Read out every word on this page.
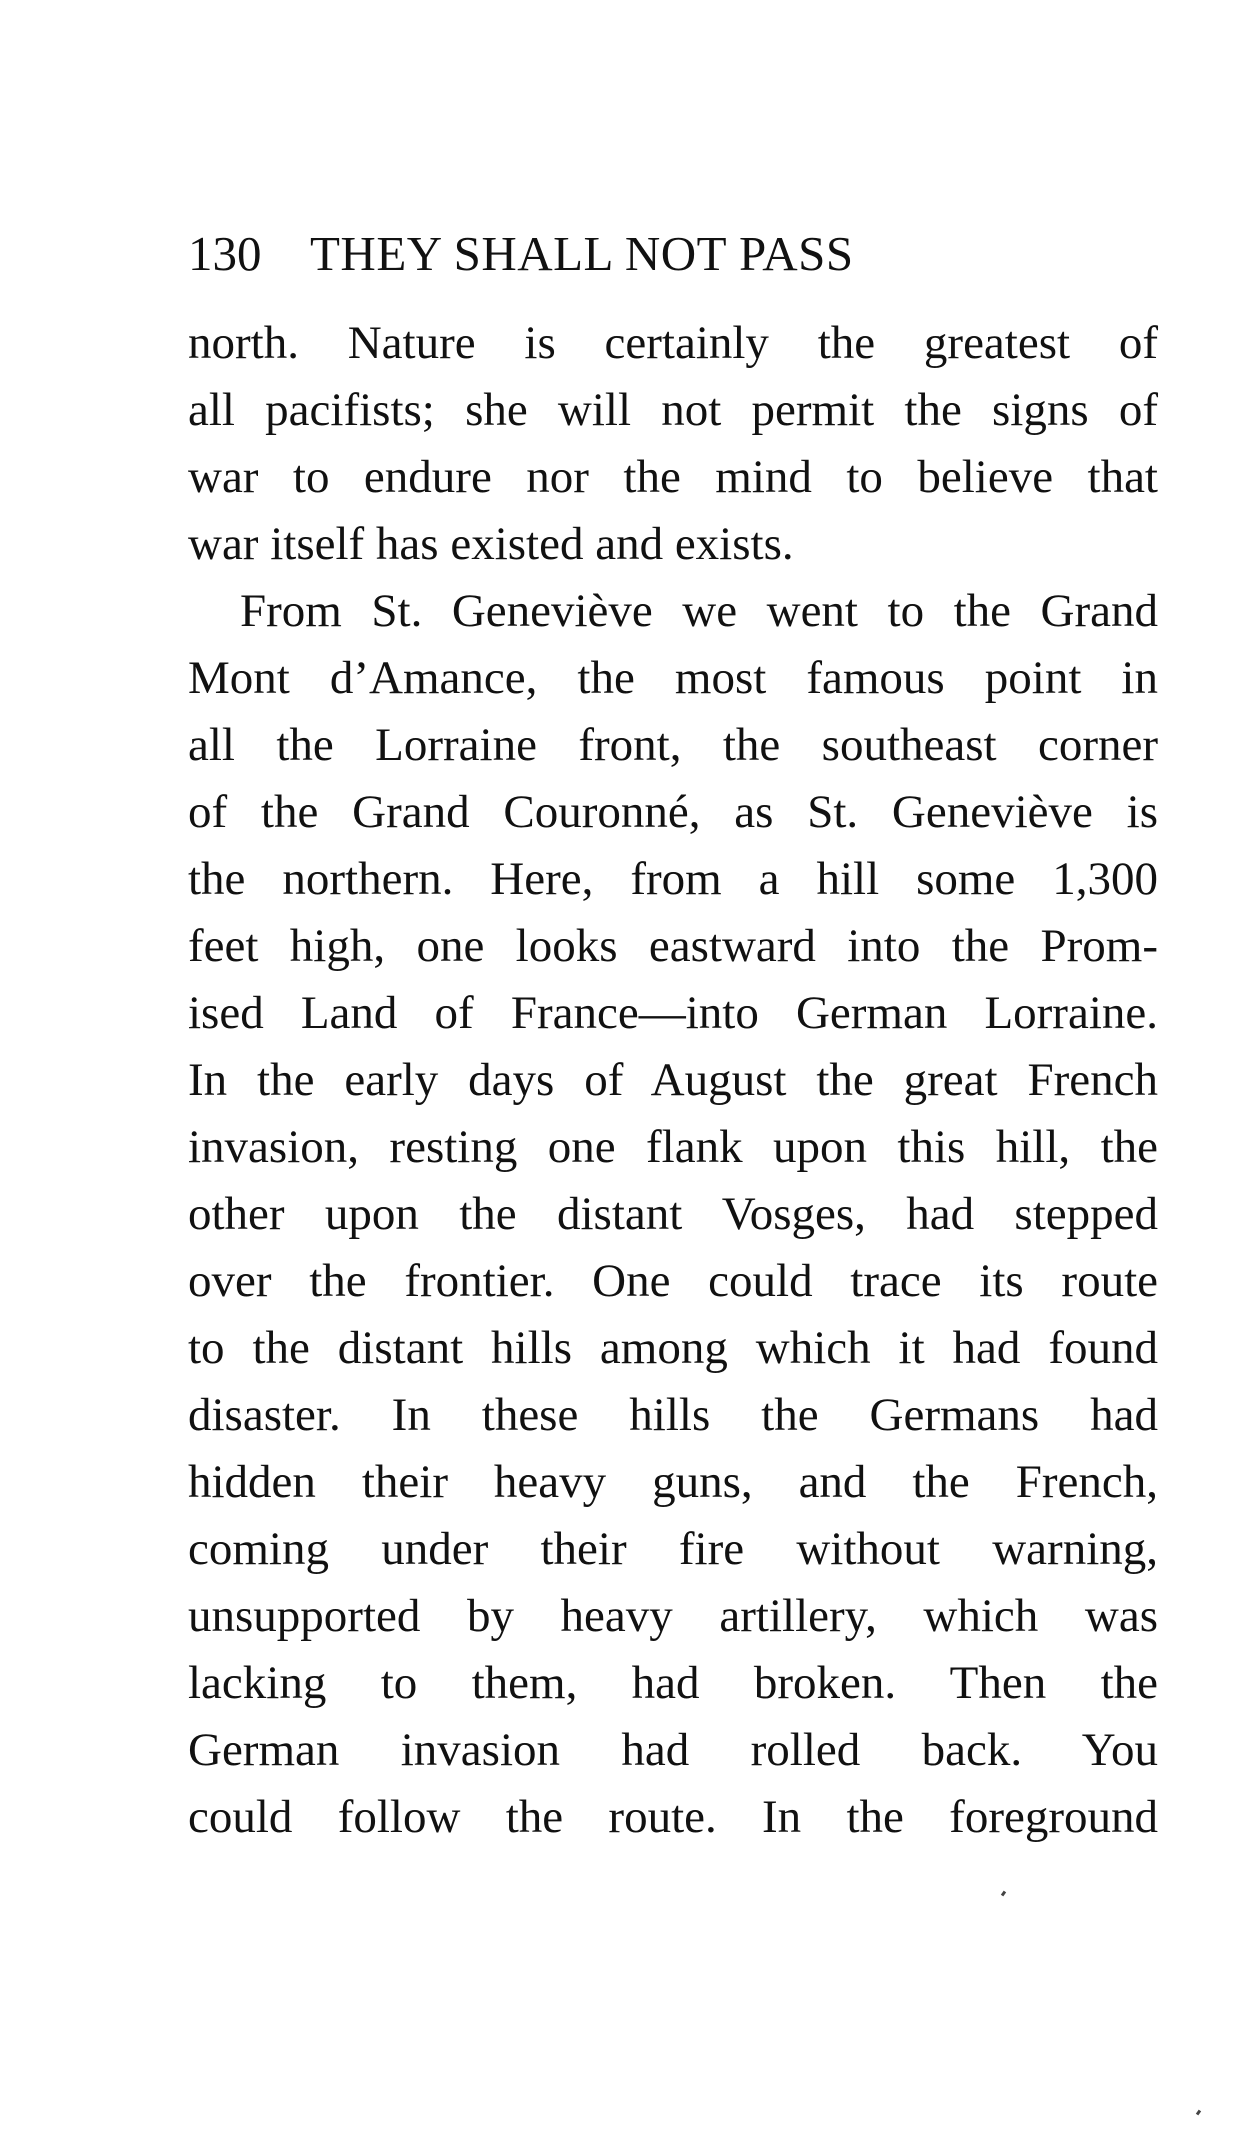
130 THEY SHALL NOT PASS
north. Nature is certainly the greatest of
all pacifists; she will not permit the signs of
war to endure nor the mind to believe that
war itself has existed and exists.
From St. Geneviève we went to the Grand
Mont d’Amance, the most famous point in
all the Lorraine front, the southeast corner
of the Grand Couronné, as St. Geneviève is
the northern. Here, from a hill some 1,300
feet high, one looks eastward into the Prom-
ised Land of France—into German Lorraine.
In the early days of August the great French
invasion, resting one flank upon this hill, the
other upon the distant Vosges, had stepped
over the frontier. One could trace its route
to the distant hills among which it had found
disaster. In these hills the Germans had
hidden their heavy guns, and the French,
coming under their fire without warning,
unsupported by heavy artillery, which was
lacking to them, had broken. Then the
German invasion had rolled back. You
could follow the route. In the foreground
